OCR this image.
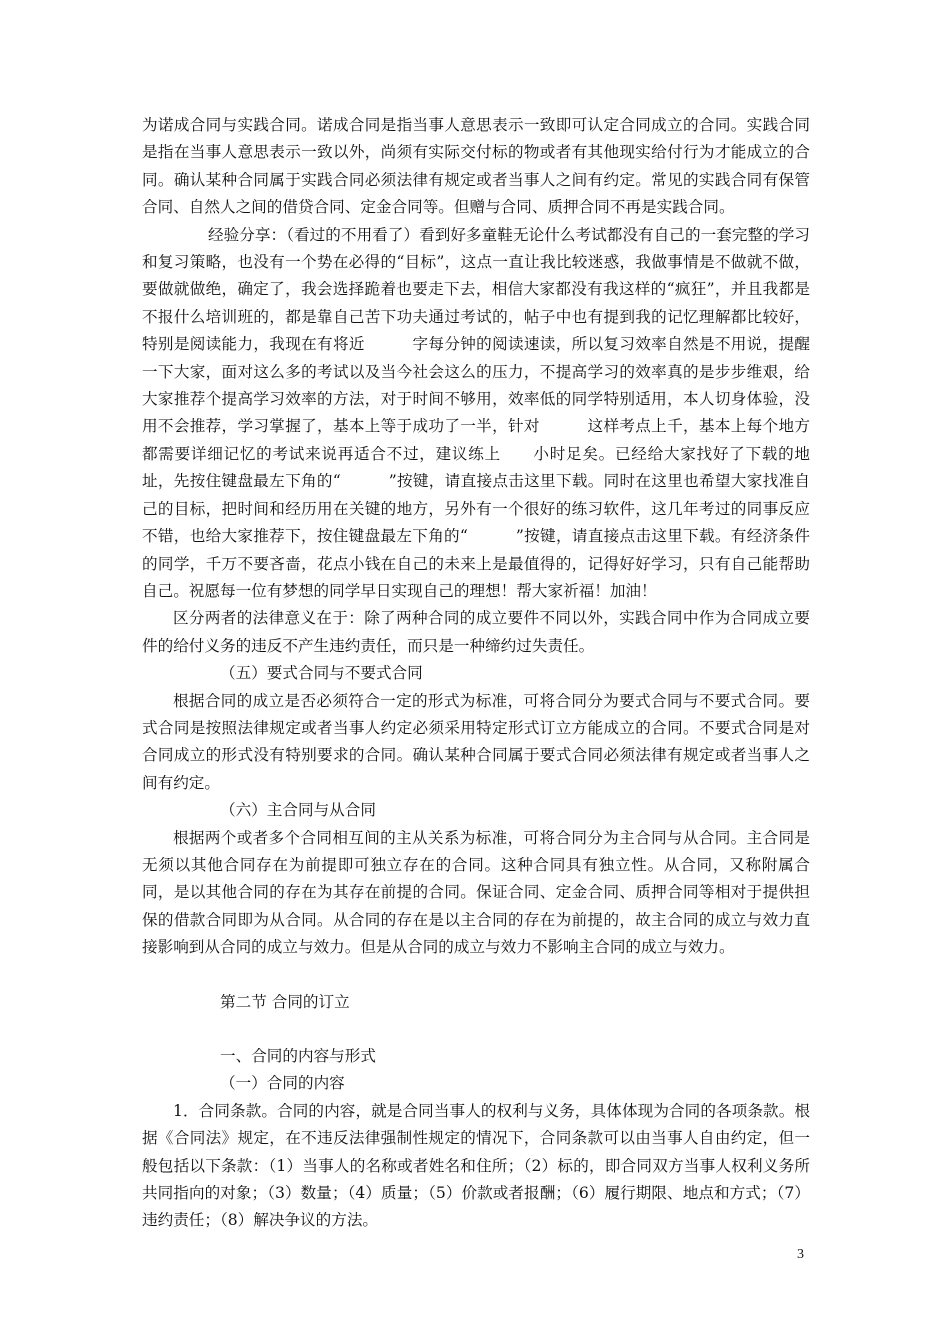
为诺成合同与实践合同。诺成合同是指当事人意思表示一致即可认定合同成立的合同。实践合同是指在当事人意思表示一致以外，尚须有实际交付标的物或者有其他现实给付行为才能成立的合同。确认某种合同属于实践合同必须法律有规定或者当事人之间有约定。常见的实践合同有保管合同、自然人之间的借贷合同、定金合同等。但赠与合同、质押合同不再是实践合同。

经验分享：（看过的不用看了）看到好多童鞋无论什么考试都没有自己的一套完整的学习和复习策略，也没有一个势在必得的“目标”，这点一直让我比较迷惑，我做事情是不做就不做，要做就做绝，确定了，我会选择跪着也要走下去，相信大家都没有我这样的“疯狂”，并且我都是不报什么培训班的，都是靠自己苦下功夫通过考试的，帖子中也有提到我的记忆理解都比较好，特别是阅读能力，我现在有将近　　　字每分钟的阅读速读，所以复习效率自然是不用说，提醒一下大家，面对这么多的考试以及当今社会这么的压力，不提高学习的效率真的是步步维艰，给大家推荐个提高学习效率的方法，对于时间不够用，效率低的同学特别适用，本人切身体验，没用不会推荐，学习掌握了，基本上等于成功了一半，针对　　　这样考点上千，基本上每个地方都需要详细记忆的考试来说再适合不过，建议练上　　小时足矣。已经给大家找好了下载的地址，先按住键盘最左下角的“　　　”按键，请直接点击这里下载。同时在这里也希望大家找准自己的目标，把时间和经历用在关键的地方，另外有一个很好的练习软件，这几年考过的同事反应不错，也给大家推荐下，按住键盘最左下角的“　　　”按键，请直接点击这里下载。有经济条件的同学，千万不要吝啬，花点小钱在自己的未来上是最值得的，记得好好学习，只有自己能帮助自己。祝愿每一位有梦想的同学早日实现自己的理想！帮大家祈福！加油！

区分两者的法律意义在于：除了两种合同的成立要件不同以外，实践合同中作为合同成立要件的给付义务的违反不产生违约责任，而只是一种缔约过失责任。

（五）要式合同与不要式合同

根据合同的成立是否必须符合一定的形式为标准，可将合同分为要式合同与不要式合同。要式合同是按照法律规定或者当事人约定必须采用特定形式订立方能成立的合同。不要式合同是对合同成立的形式没有特别要求的合同。确认某种合同属于要式合同必须法律有规定或者当事人之间有约定。

（六）主合同与从合同

根据两个或者多个合同相互间的主从关系为标准，可将合同分为主合同与从合同。主合同是无须以其他合同存在为前提即可独立存在的合同。这种合同具有独立性。从合同，又称附属合同，是以其他合同的存在为其存在前提的合同。保证合同、定金合同、质押合同等相对于提供担保的借款合同即为从合同。从合同的存在是以主合同的存在为前提的，故主合同的成立与效力直接影响到从合同的成立与效力。但是从合同的成立与效力不影响主合同的成立与效力。

第二节 合同的订立

一、合同的内容与形式

（一）合同的内容

1．合同条款。合同的内容，就是合同当事人的权利与义务，具体体现为合同的各项条款。根据《合同法》规定，在不违反法律强制性规定的情况下，合同条款可以由当事人自由约定，但一般包括以下条款：（1）当事人的名称或者姓名和住所；（2）标的，即合同双方当事人权利义务所共同指向的对象；（3）数量；（4）质量；（5）价款或者报酬；（6）履行期限、地点和方式；（7）违约责任；（8）解决争议的方法。

3
